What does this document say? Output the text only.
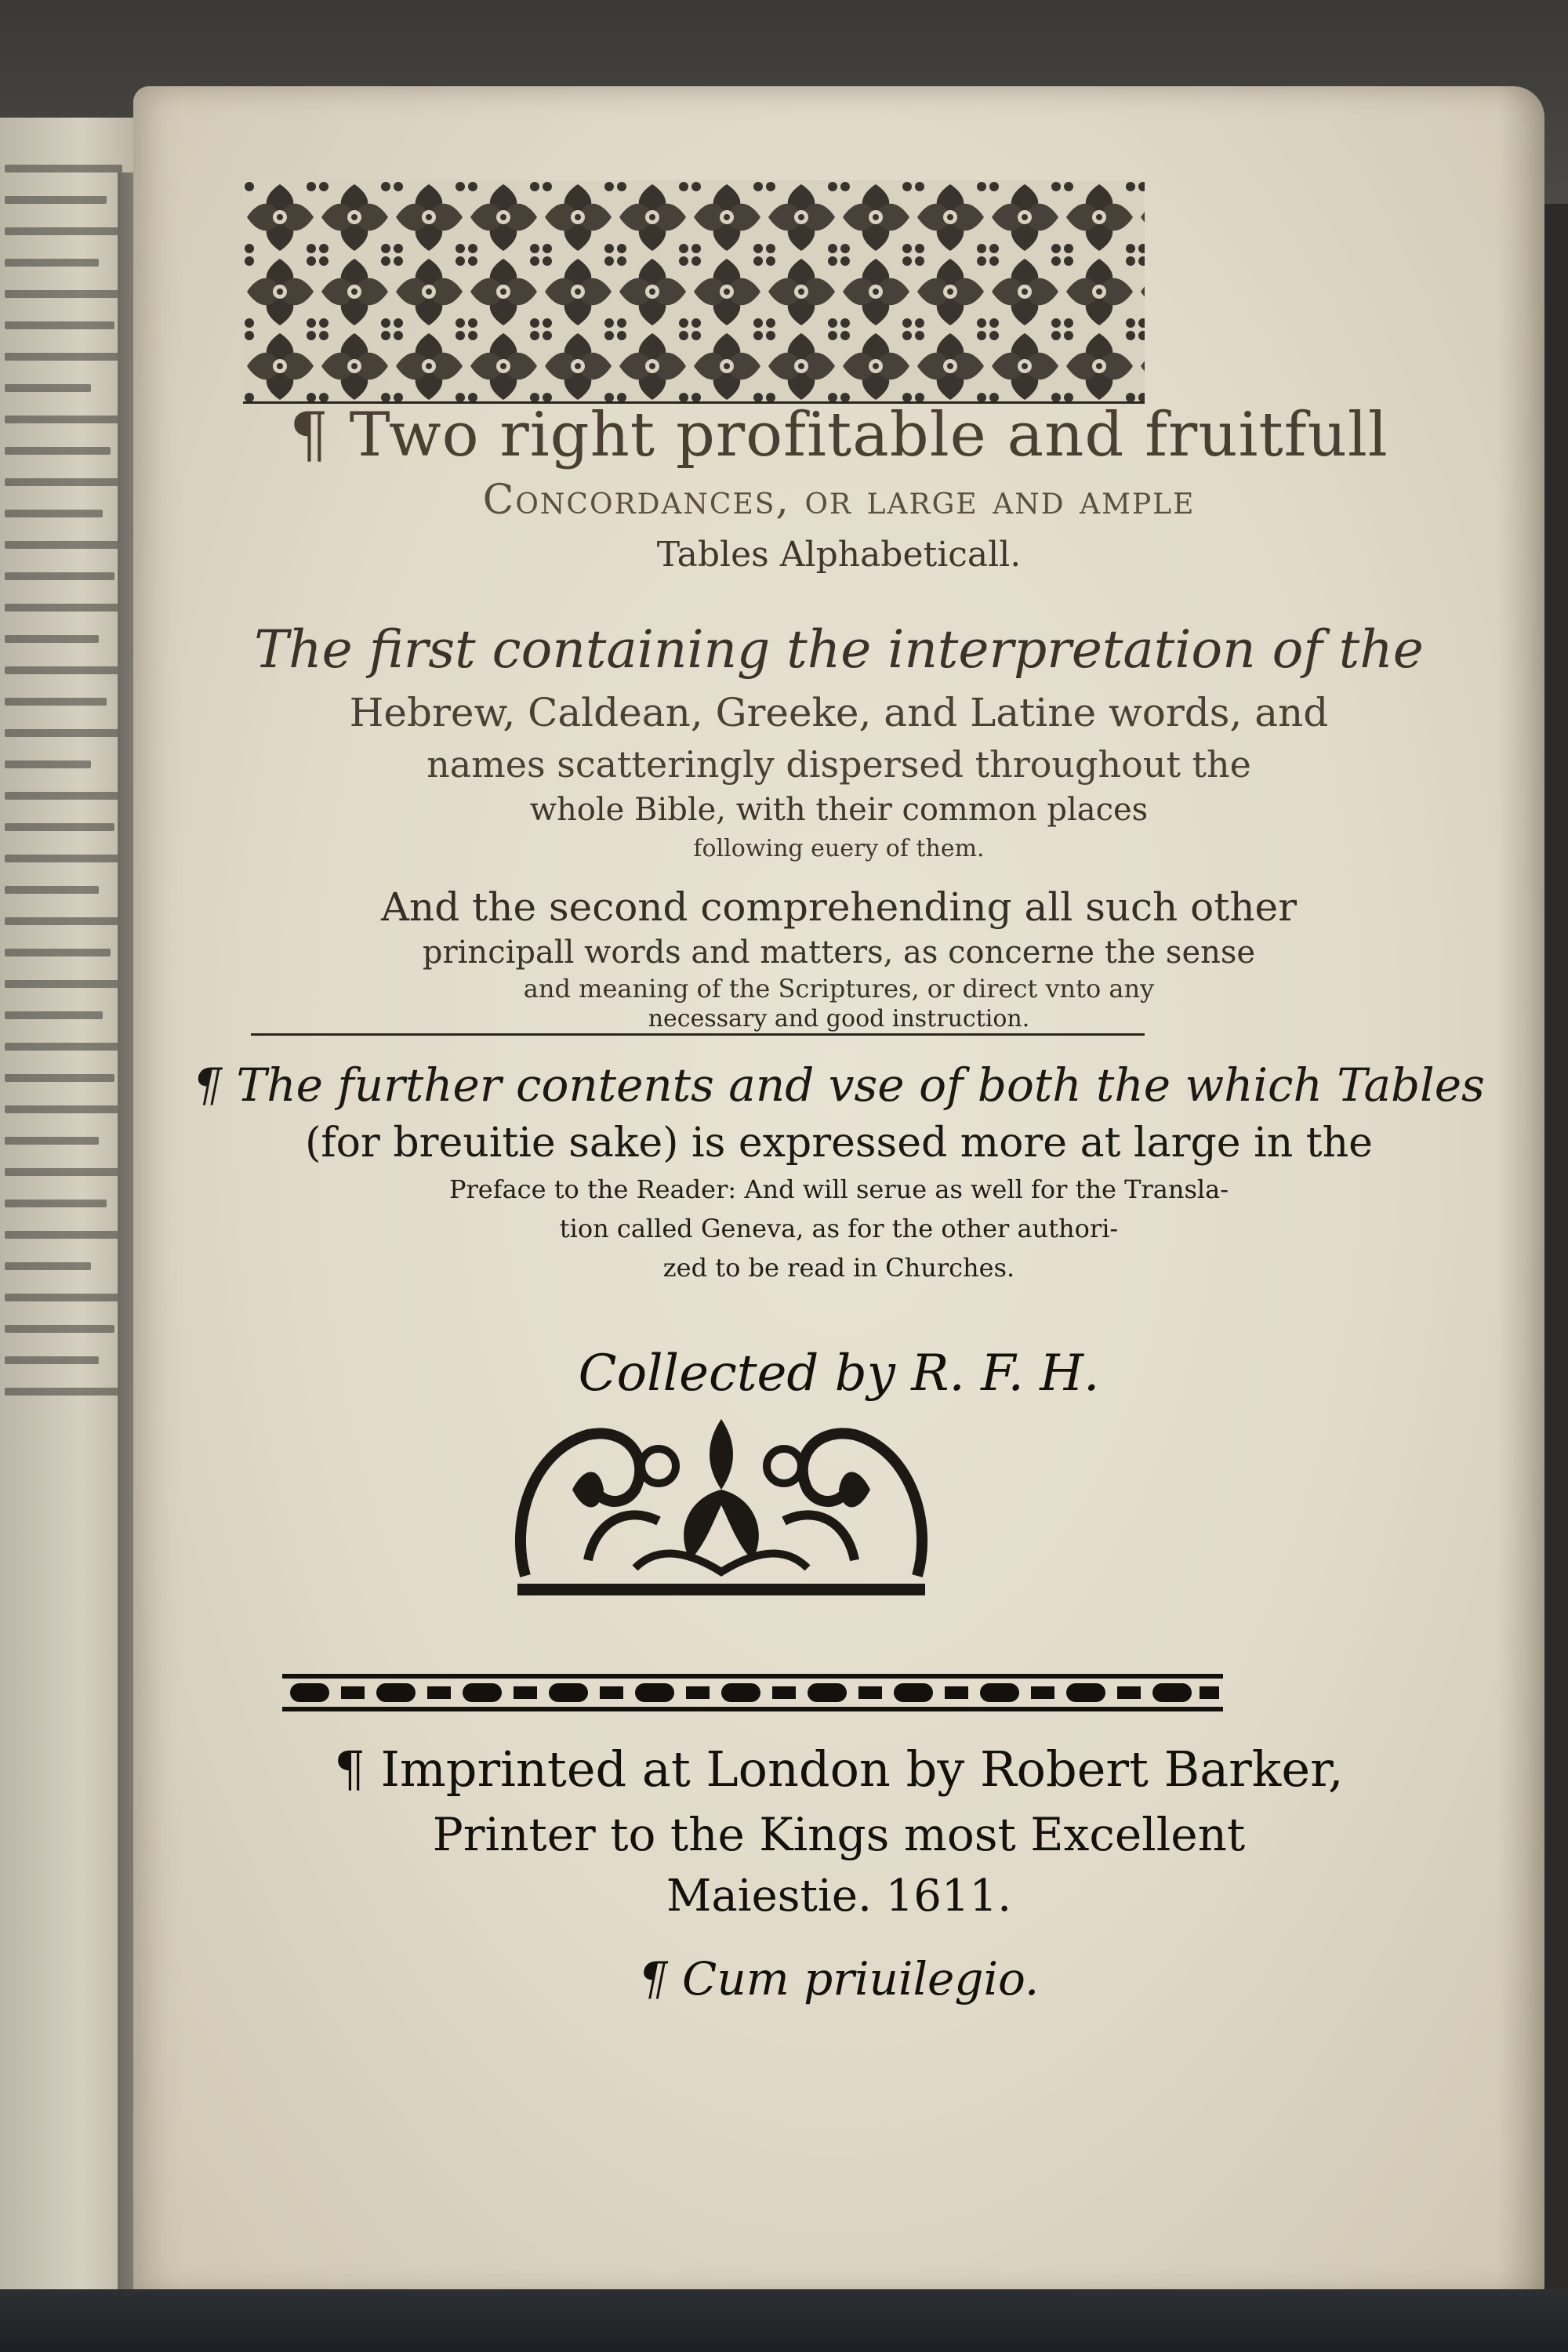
¶ Two right profitable and fruitfull
Concordances, or large and ample
Tables Alphabeticall.
The first containing the interpretation of the
Hebrew, Caldean, Greeke, and Latine words, and
names scatteringly dispersed throughout the
whole Bible, with their common places
following euery of them.
And the second comprehending all such other
principall words and matters, as concerne the sense
and meaning of the Scriptures, or direct vnto any
necessary and good instruction.
¶ The further contents and vse of both the which Tables
(for breuitie sake) is expressed more at large in the
Preface to the Reader: And will serue as well for the Transla-
tion called Geneva, as for the other authori-
zed to be read in Churches.
Collected by R. F. H.
¶ Imprinted at London by Robert Barker,
Printer to the Kings most Excellent
Maiestie. 1611.
¶ Cum priuilegio.
